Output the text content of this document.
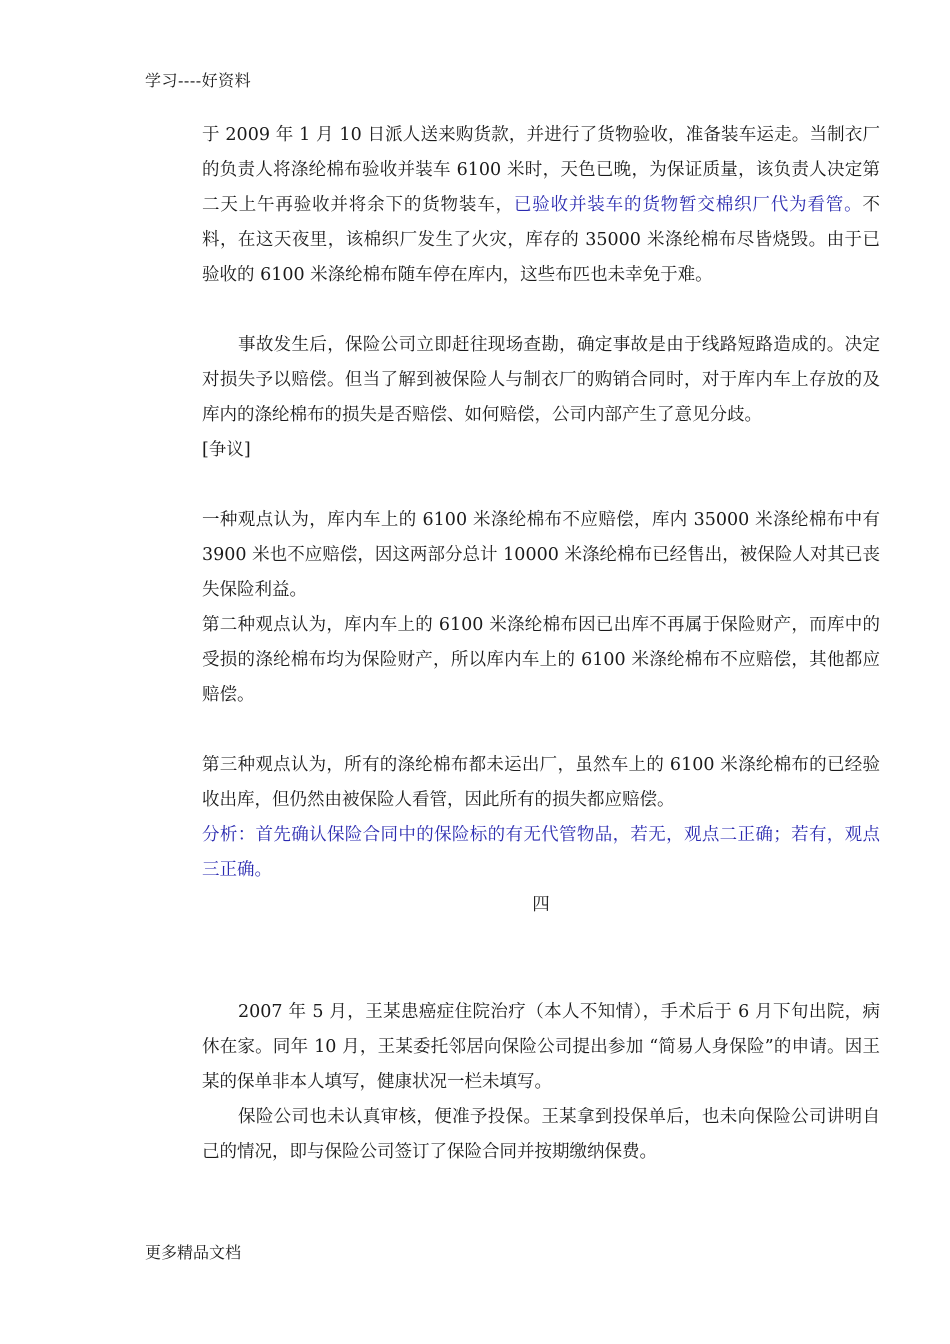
学习----好资料

于 2009 年 1 月 10 日派人送来购货款，并进行了货物验收，准备装车运走。当制衣厂的负责人将涤纶棉布验收并装车 6100 米时，天色已晚，为保证质量，该负责人决定第二天上午再验收并将余下的货物装车，已验收并装车的货物暂交棉织厂代为看管。不料，在这天夜里，该棉织厂发生了火灾，库存的 35000 米涤纶棉布尽皆烧毁。由于已验收的 6100 米涤纶棉布随车停在库内，这些布匹也未幸免于难。

事故发生后，保险公司立即赶往现场查勘，确定事故是由于线路短路造成的。决定对损失予以赔偿。但当了解到被保险人与制衣厂的购销合同时，对于库内车上存放的及库内的涤纶棉布的损失是否赔偿、如何赔偿，公司内部产生了意见分歧。

[争议]

一种观点认为，库内车上的 6100 米涤纶棉布不应赔偿，库内 35000 米涤纶棉布中有 3900 米也不应赔偿，因这两部分总计 10000 米涤纶棉布已经售出，被保险人对其已丧失保险利益。

第二种观点认为，库内车上的 6100 米涤纶棉布因已出库不再属于保险财产，而库中的受损的涤纶棉布均为保险财产，所以库内车上的 6100 米涤纶棉布不应赔偿，其他都应赔偿。

第三种观点认为，所有的涤纶棉布都未运出厂，虽然车上的 6100 米涤纶棉布的已经验收出库，但仍然由被保险人看管，因此所有的损失都应赔偿。

分析：首先确认保险合同中的保险标的有无代管物品，若无，观点二正确；若有，观点三正确。

四

2007 年 5 月，王某患癌症住院治疗（本人不知情），手术后于 6 月下旬出院，病休在家。同年 10 月，王某委托邻居向保险公司提出参加 “简易人身保险”的申请。因王某的保单非本人填写，健康状况一栏未填写。

保险公司也未认真审核，便准予投保。王某拿到投保单后，也未向保险公司讲明自己的情况，即与保险公司签订了保险合同并按期缴纳保费。

更多精品文档
